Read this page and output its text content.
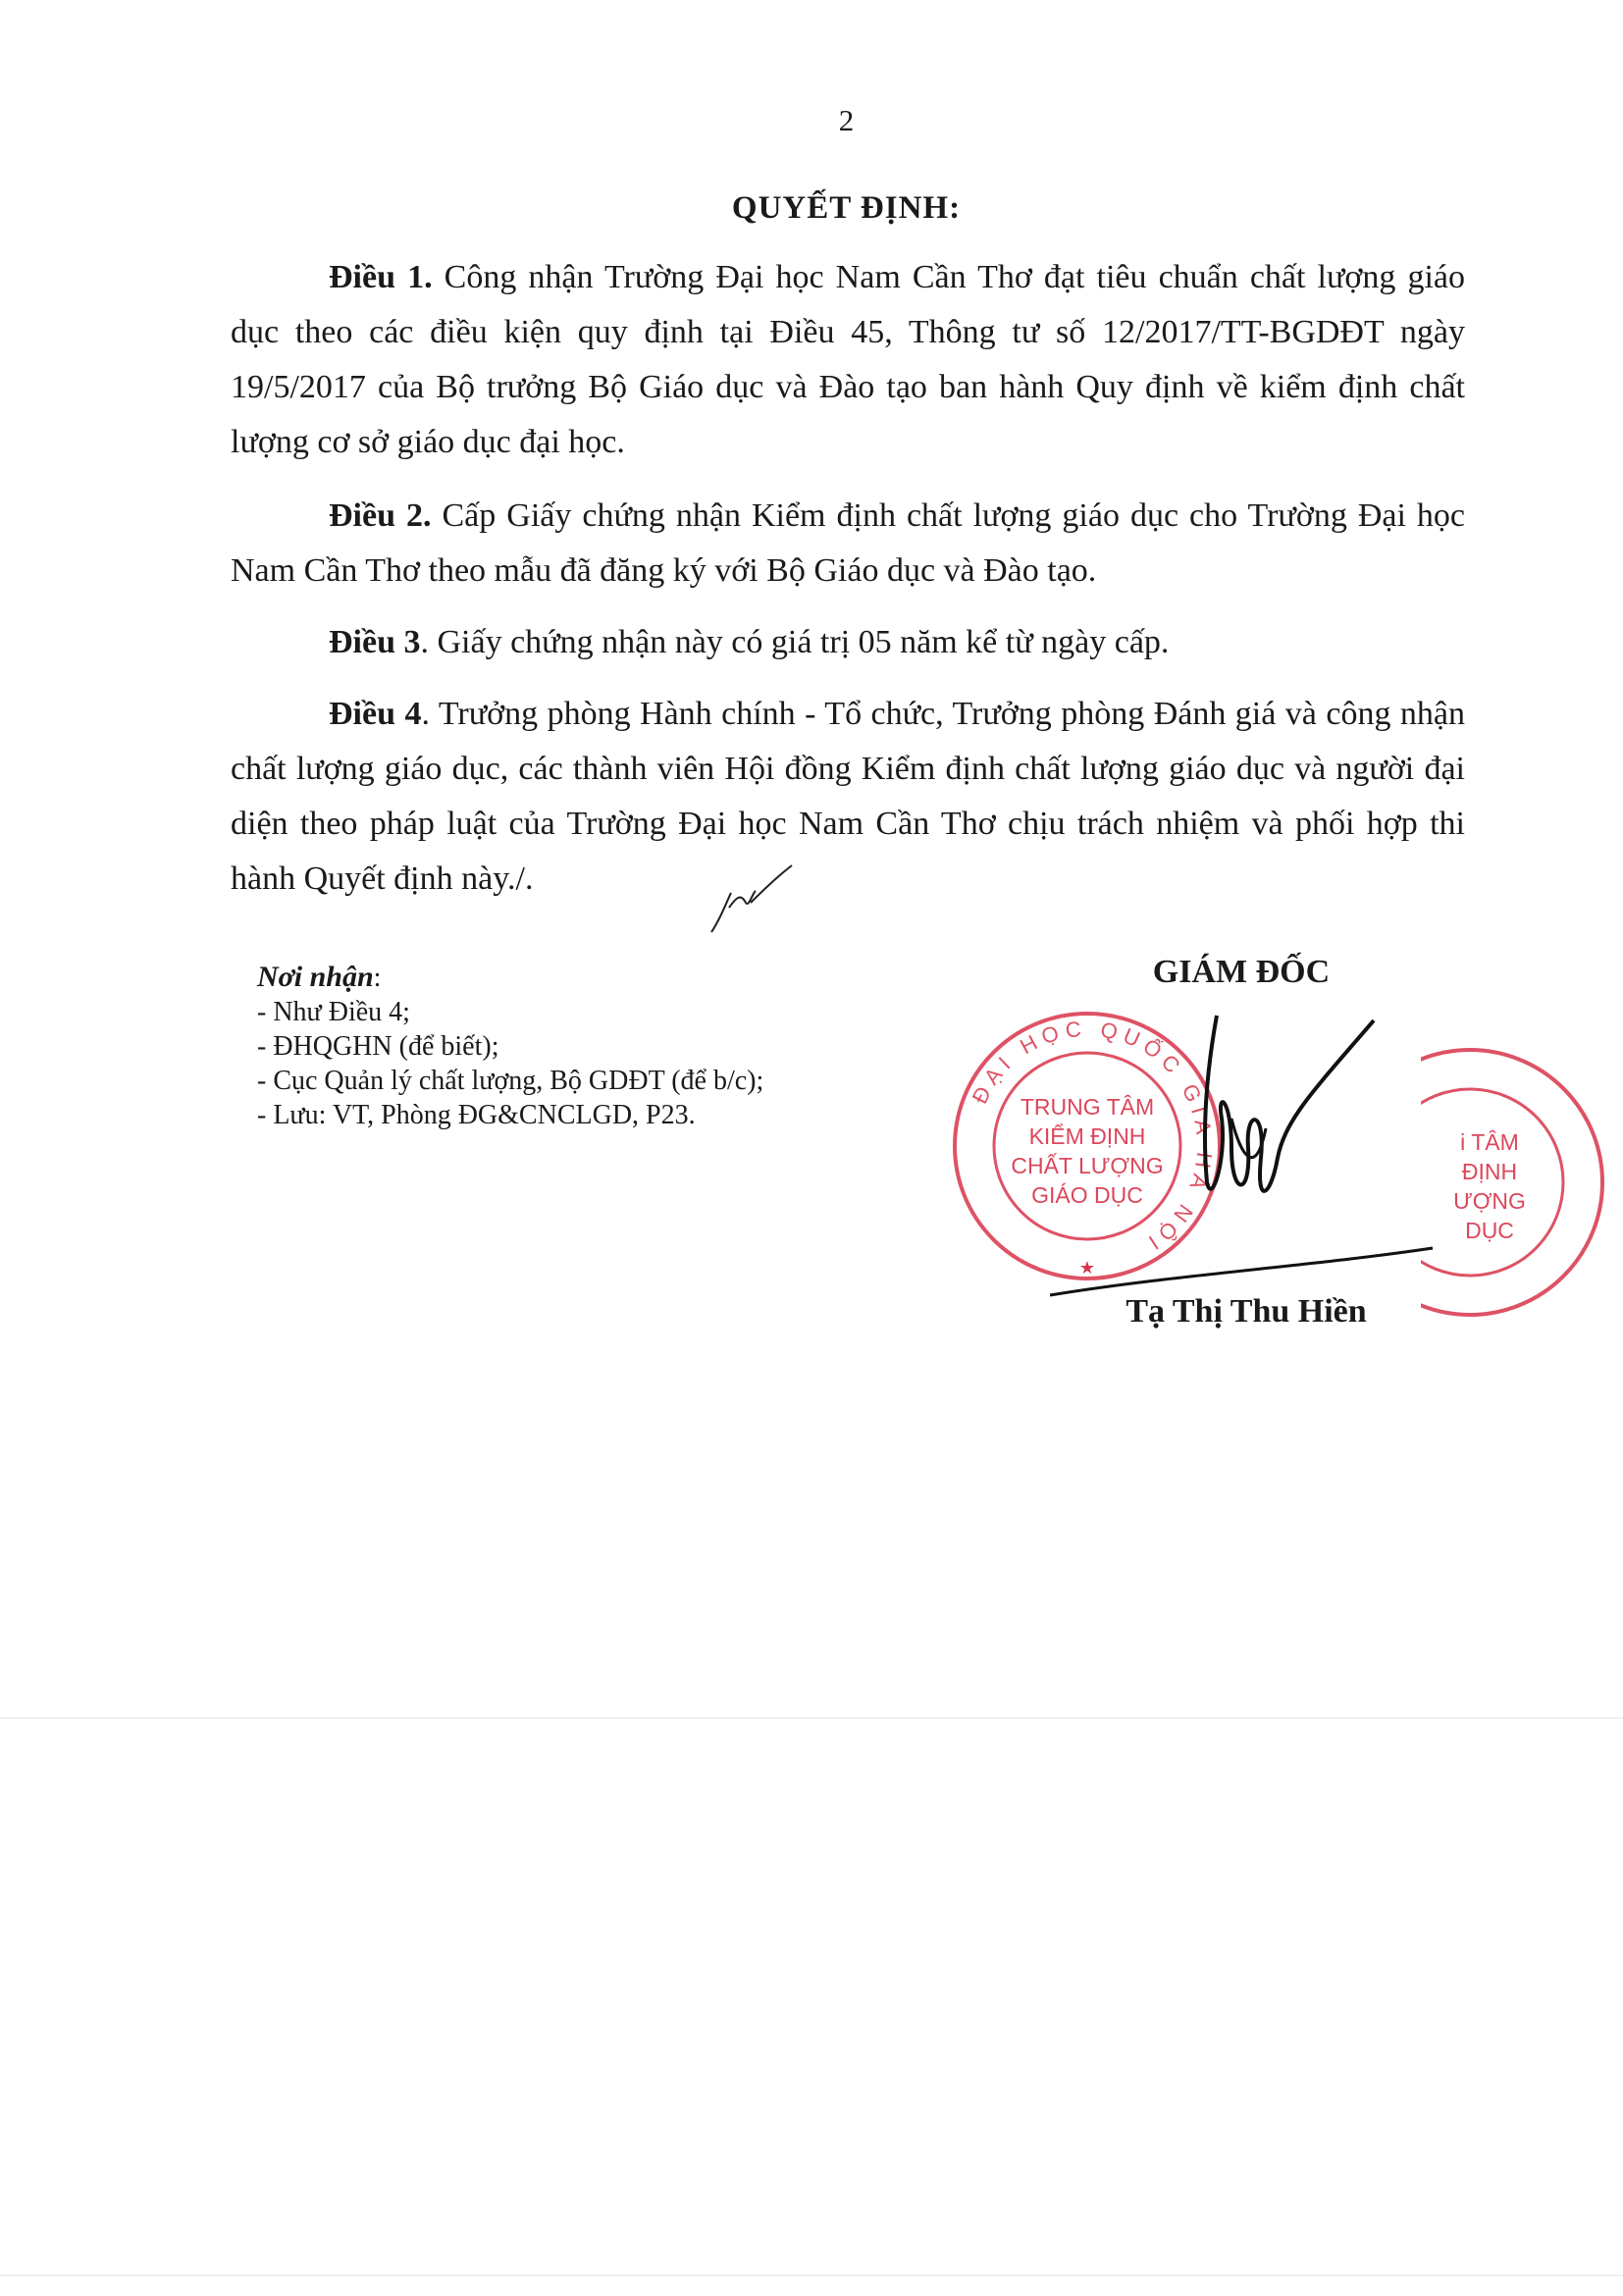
2
QUYẾT ĐỊNH:

Điều 1. Công nhận Trường Đại học Nam Cần Thơ đạt tiêu chuẩn chất lượng giáo dục theo các điều kiện quy định tại Điều 45, Thông tư số 12/2017/TT-BGDĐT ngày 19/5/2017 của Bộ trưởng Bộ Giáo dục và Đào tạo ban hành Quy định về kiểm định chất lượng cơ sở giáo dục đại học.

Điều 2. Cấp Giấy chứng nhận Kiểm định chất lượng giáo dục cho Trường Đại học Nam Cần Thơ theo mẫu đã đăng ký với Bộ Giáo dục và Đào tạo.

Điều 3. Giấy chứng nhận này có giá trị 05 năm kể từ ngày cấp.

Điều 4. Trưởng phòng Hành chính - Tổ chức, Trưởng phòng Đánh giá và công nhận chất lượng giáo dục, các thành viên Hội đồng Kiểm định chất lượng giáo dục và người đại diện theo pháp luật của Trường Đại học Nam Cần Thơ chịu trách nhiệm và phối hợp thi hành Quyết định này./.

Nơi nhận:
- Như Điều 4;
- ĐHQGHN (để biết);
- Cục Quản lý chất lượng, Bộ GDĐT (để b/c);
- Lưu: VT, Phòng ĐG&CNCLGD, P23.
GIÁM ĐỐC
ĐẠI HỌC QUỐC GIA HÀ NỘI
TRUNG TÂM
KIỂM ĐỊNH
CHẤT LƯỢNG
GIÁO DỤC
★
i TÂM
ĐỊNH
ƯỢNG
DỤC
Tạ Thị Thu Hiền
